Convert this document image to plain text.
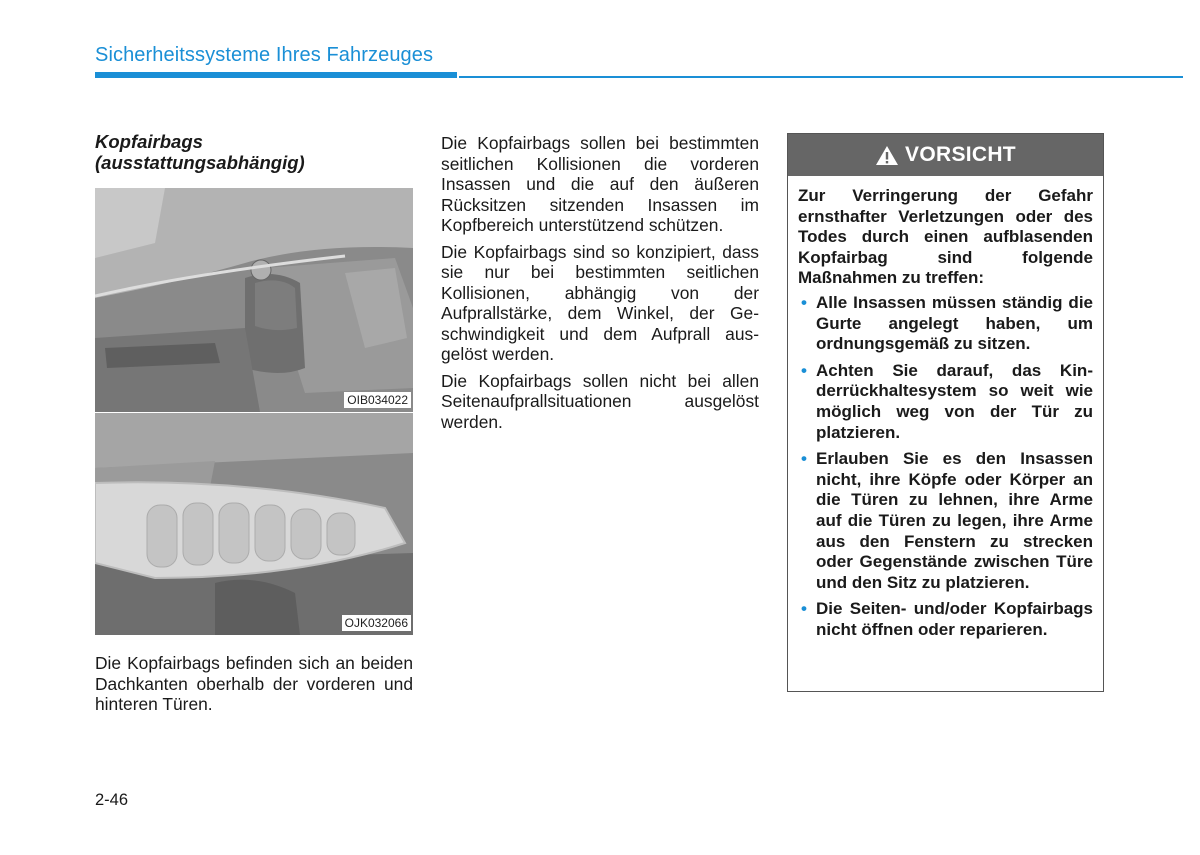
Sicherheitssysteme Ihres Fahrzeuges
Kopfairbags
(ausstattungsabhängig)
OIB034022
OJK032066
Die Kopfairbags befinden sich an beiden Dachkanten oberhalb der vorderen und hinteren Türen.

Die Kopfairbags sollen bei bestimmten seitlichen Kollisionen die vorderen Insassen und die auf den äußeren Rücksitzen sitzenden Insassen im Kopfbereich unterstützend schützen.

Die Kopfairbags sind so konzipiert, dass sie nur bei bestimmten seitlichen Kollisionen, abhängig von der Aufprallstärke, dem Winkel, der Geschwindigkeit und dem Aufprall ausgelöst werden.

Die Kopfairbags sollen nicht bei allen Seitenaufprallsituationen ausgelöst werden.

VORSICHT

Zur Verringerung der Gefahr ernsthafter Verletzungen oder des Todes durch einen aufblasenden Kopfairbag sind folgende Maßnahmen zu treffen:

• Alle Insassen müssen ständig die Gurte angelegt haben, um ordnungsgemäß zu sitzen.
• Achten Sie darauf, das Kinderrückhaltesystem so weit wie möglich weg von der Tür zu platzieren.
• Erlauben Sie es den Insassen nicht, ihre Köpfe oder Körper an die Türen zu lehnen, ihre Arme auf die Türen zu legen, ihre Arme aus den Fenstern zu strecken oder Gegenstände zwischen Türe und den Sitz zu platzieren.
• Die Seiten- und/oder Kopfairbags nicht öffnen oder reparieren.
2-46
